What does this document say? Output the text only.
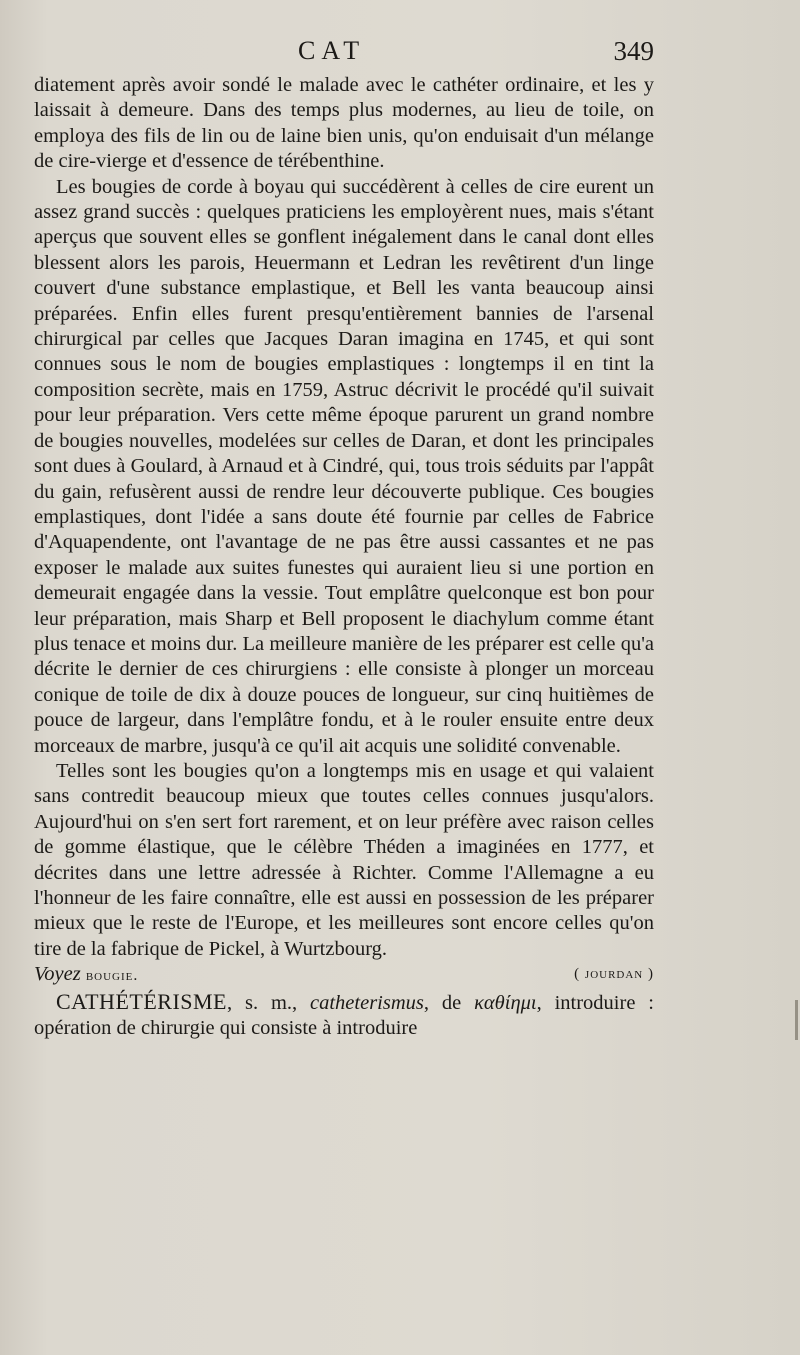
CAT	349

diatement après avoir sondé le malade avec le cathéter ordinaire, et les y laissait à demeure. Dans des temps plus modernes, au lieu de toile, on employa des fils de lin ou de laine bien unis, qu'on enduisait d'un mélange de cire-vierge et d'essence de térébenthine.

Les bougies de corde à boyau qui succédèrent à celles de cire eurent un assez grand succès : quelques praticiens les employèrent nues, mais s'étant aperçus que souvent elles se gonflent inégalement dans le canal dont elles blessent alors les parois, Heuermann et Ledran les revêtirent d'un linge couvert d'une substance emplastique, et Bell les vanta beaucoup ainsi préparées. Enfin elles furent presqu'entièrement bannies de l'arsenal chirurgical par celles que Jacques Daran imagina en 1745, et qui sont connues sous le nom de bougies emplastiques : longtemps il en tint la composition secrète, mais en 1759, Astruc décrivit le procédé qu'il suivait pour leur préparation. Vers cette même époque parurent un grand nombre de bougies nouvelles, modelées sur celles de Daran, et dont les principales sont dues à Goulard, à Arnaud et à Cindré, qui, tous trois séduits par l'appât du gain, refusèrent aussi de rendre leur découverte publique. Ces bougies emplastiques, dont l'idée a sans doute été fournie par celles de Fabrice d'Aquapendente, ont l'avantage de ne pas être aussi cassantes et ne pas exposer le malade aux suites funestes qui auraient lieu si une portion en demeurait engagée dans la vessie. Tout emplâtre quelconque est bon pour leur préparation, mais Sharp et Bell proposent le diachylum comme étant plus tenace et moins dur. La meilleure manière de les préparer est celle qu'a décrite le dernier de ces chirurgiens : elle consiste à plonger un morceau conique de toile de dix à douze pouces de longueur, sur cinq huitièmes de pouce de largeur, dans l'emplâtre fondu, et à le rouler ensuite entre deux morceaux de marbre, jusqu'à ce qu'il ait acquis une solidité convenable.

Telles sont les bougies qu'on a longtemps mis en usage et qui valaient sans contredit beaucoup mieux que toutes celles connues jusqu'alors. Aujourd'hui on s'en sert fort rarement, et on leur préfère avec raison celles de gomme élastique, que le célèbre Théden a imaginées en 1777, et décrites dans une lettre adressée à Richter. Comme l'Allemagne a eu l'honneur de les faire connaître, elle est aussi en possession de les préparer mieux que le reste de l'Europe, et les meilleures sont encore celles qu'on tire de la fabrique de Pickel, à Wurtzbourg.

Voyez bougie.	( jourdan )

CATHÉTÉRISME, s. m., catheterismus, de καθίημι, introduire : opération de chirurgie qui consiste à introduire
